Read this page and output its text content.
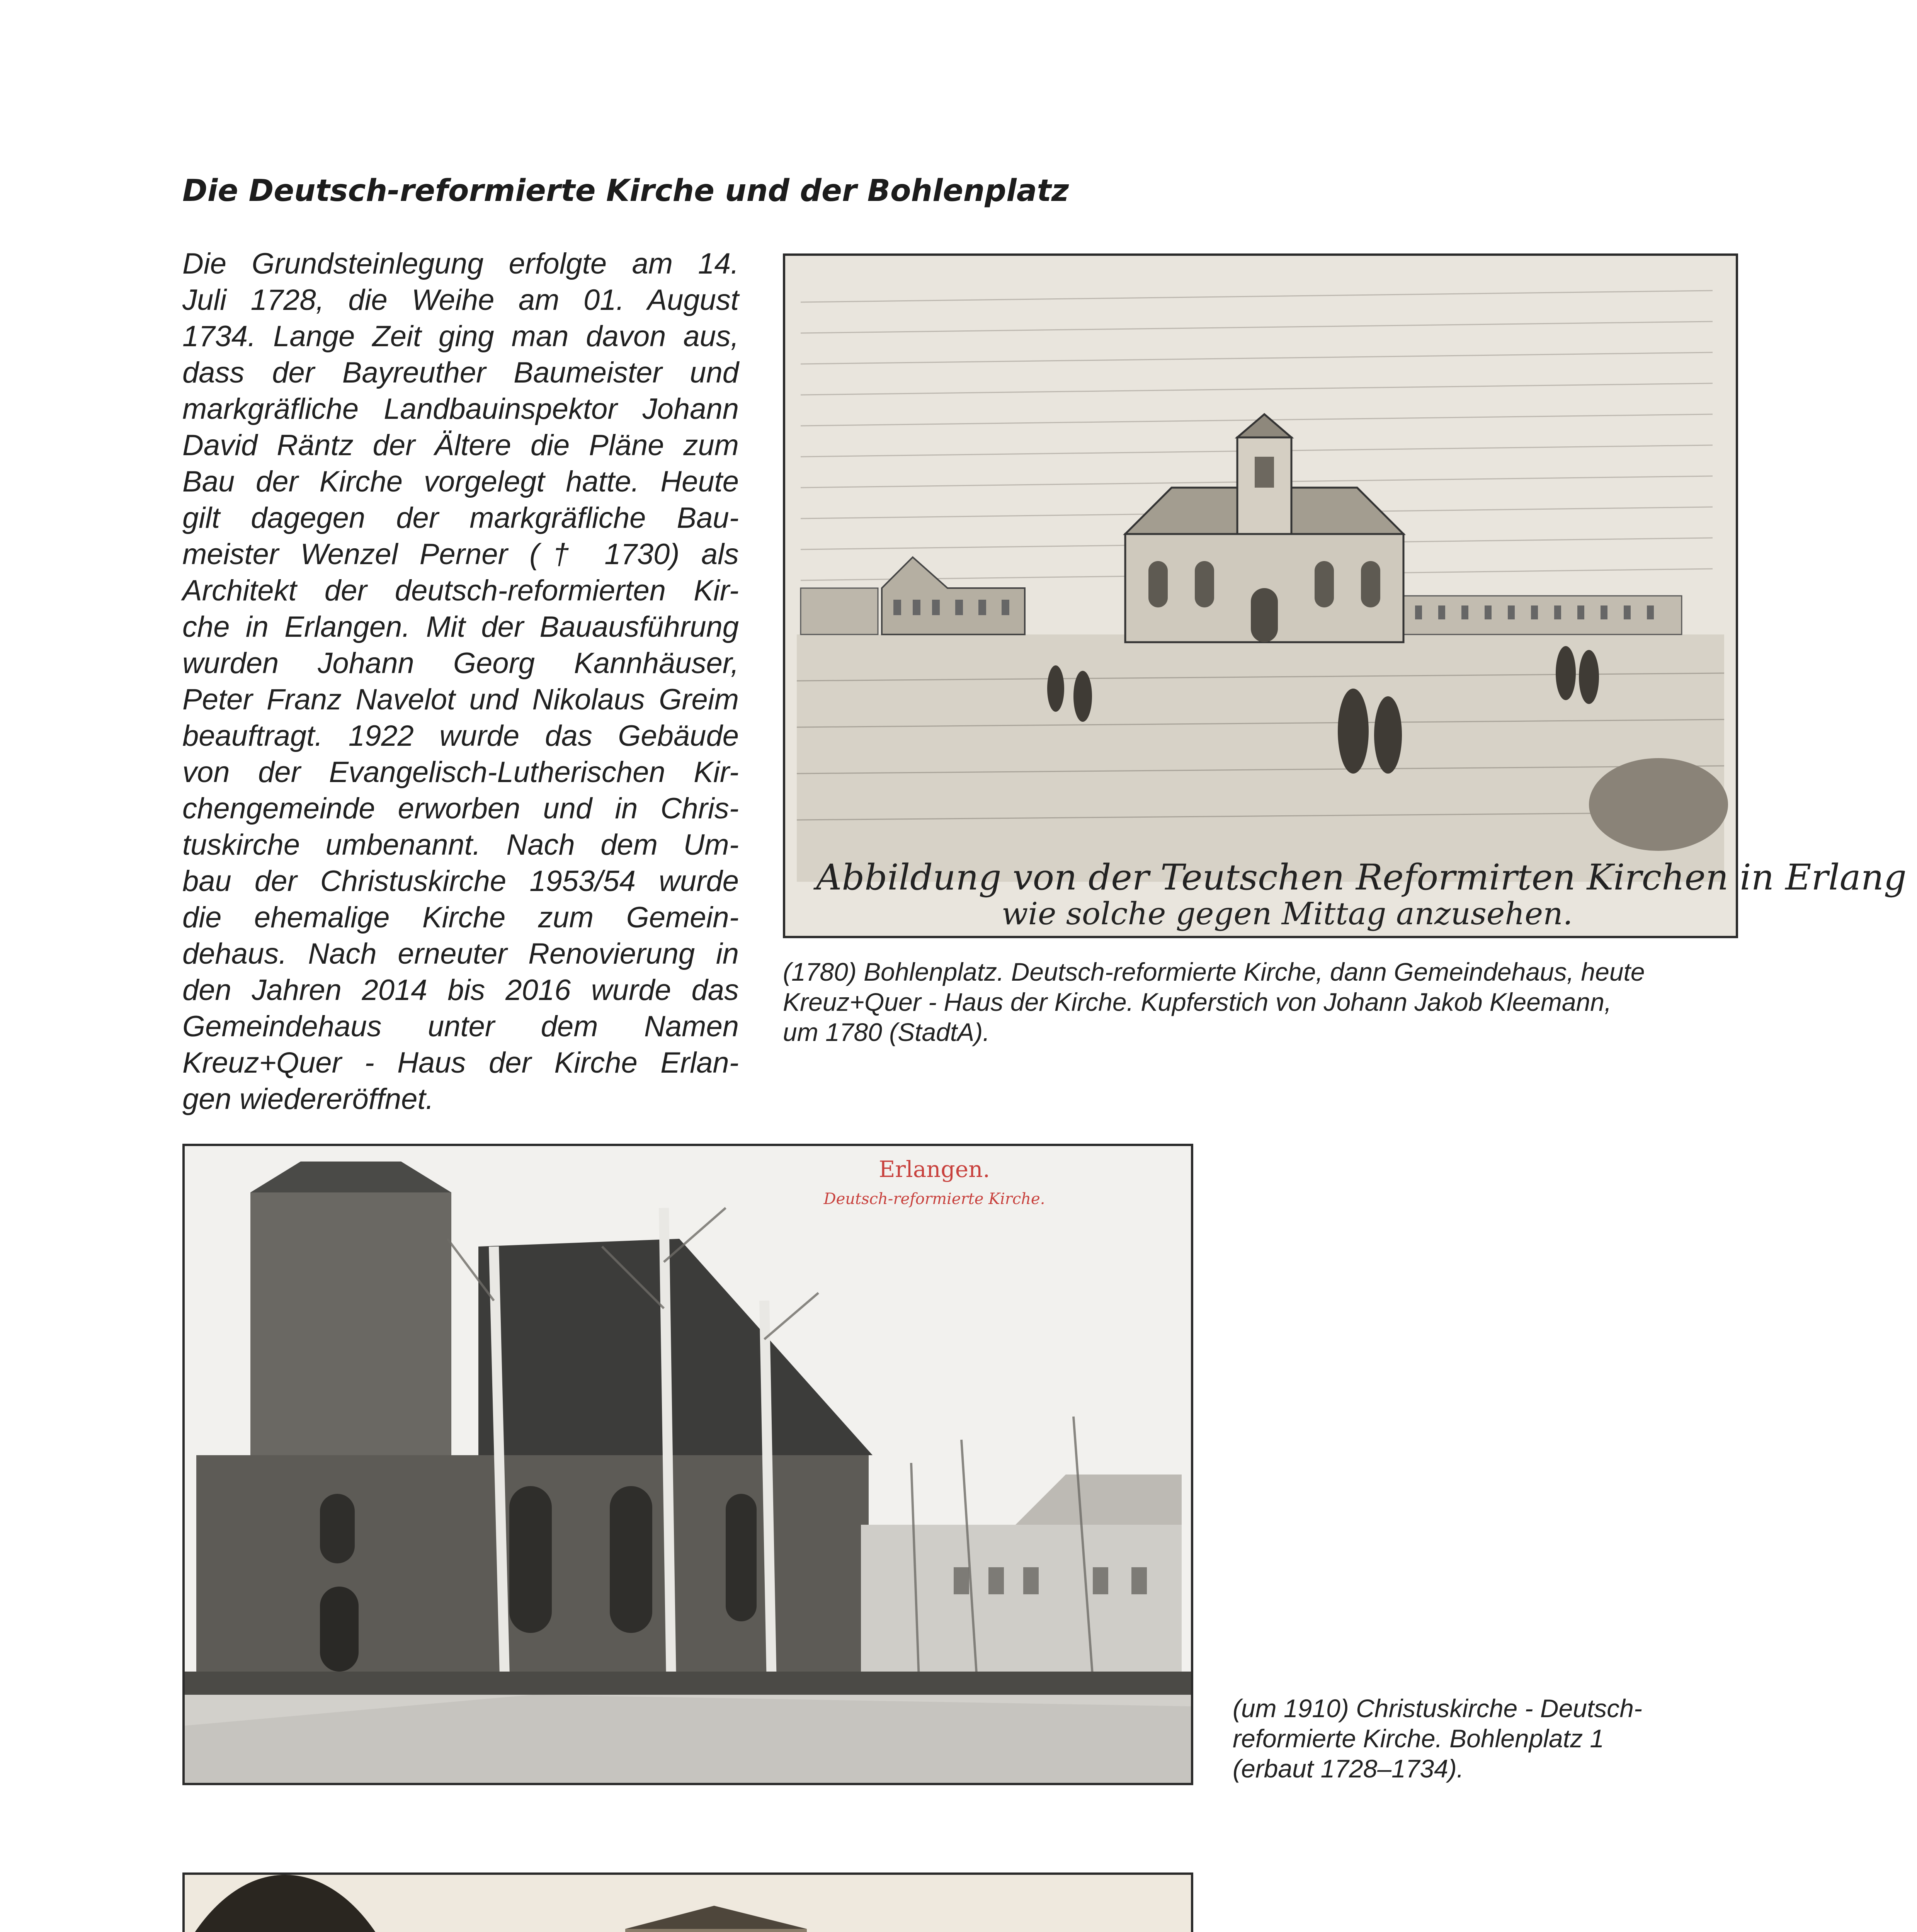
Die Deutsch-reformierte Kirche und der Bohlenplatz
Die Grundsteinlegung erfolgte am 14.
Juli 1728, die Weihe am 01. August
1734. Lange Zeit ging man davon aus,
dass der Bayreuther Baumeister und
markgräfliche Landbauinspektor Johann
David Räntz der Ältere die Pläne zum
Bau der Kirche vorgelegt hatte. Heute
gilt dagegen der markgräfliche Bau-
meister Wenzel Perner († 1730) als
Architekt der deutsch-reformierten Kir-
che in Erlangen. Mit der Bauausführung
wurden Johann Georg Kannhäuser,
Peter Franz Navelot und Nikolaus Greim
beauftragt. 1922 wurde das Gebäude
von der Evangelisch-Lutherischen Kir-
chengemeinde erworben und in Chris-
tuskirche umbenannt. Nach dem Um-
bau der Christuskirche 1953/54 wurde
die ehemalige Kirche zum Gemein-
dehaus. Nach erneuter Renovierung in
den Jahren 2014 bis 2016 wurde das
Gemeindehaus unter dem Namen
Kreuz+Quer - Haus der Kirche Erlan-
gen wiedereröffnet.
Abbildung von der Teutschen Reformirten Kirchen in Erlang
wie solche gegen Mittag anzusehen.
(1780) Bohlenplatz. Deutsch-reformierte Kirche, dann Gemeindehaus, heute
Kreuz+Quer - Haus der Kirche. Kupferstich von Johann Jakob Kleemann,
um 1780 (StadtA).
Erlangen.
Deutsch-reformierte Kirche.
(um 1910) Christuskirche - Deutsch-
reformierte Kirche. Bohlenplatz 1
(erbaut 1728–1734).
